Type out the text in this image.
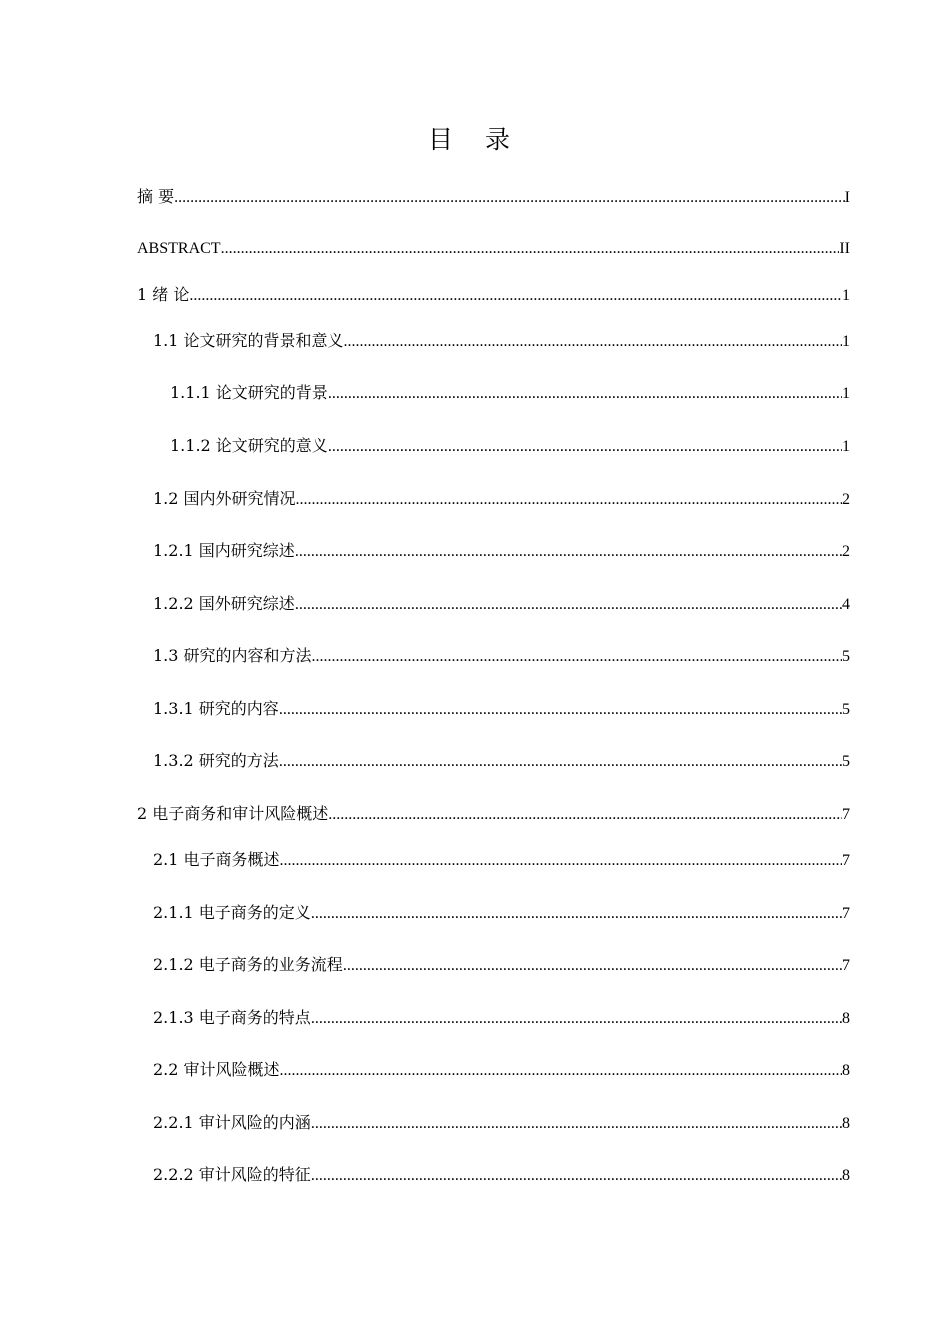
目 录
摘 要 .....	I
ABSTRACT .....	II
1 绪 论 .....	1
1.1 论文研究的背景和意义 .....	1
1.1.1 论文研究的背景 .....	1
1.1.2 论文研究的意义 .....	1
1.2 国内外研究情况 .....	2
1.2.1 国内研究综述 .....	2
1.2.2 国外研究综述 .....	4
1.3 研究的内容和方法 .....	5
1.3.1 研究的内容 .....	5
1.3.2 研究的方法 .....	5
2 电子商务和审计风险概述 .....	7
2.1 电子商务概述 .....	7
2.1.1 电子商务的定义 .....	7
2.1.2 电子商务的业务流程 .....	7
2.1.3 电子商务的特点 .....	8
2.2 审计风险概述 .....	8
2.2.1 审计风险的内涵 .....	8
2.2.2 审计风险的特征 .....	8
